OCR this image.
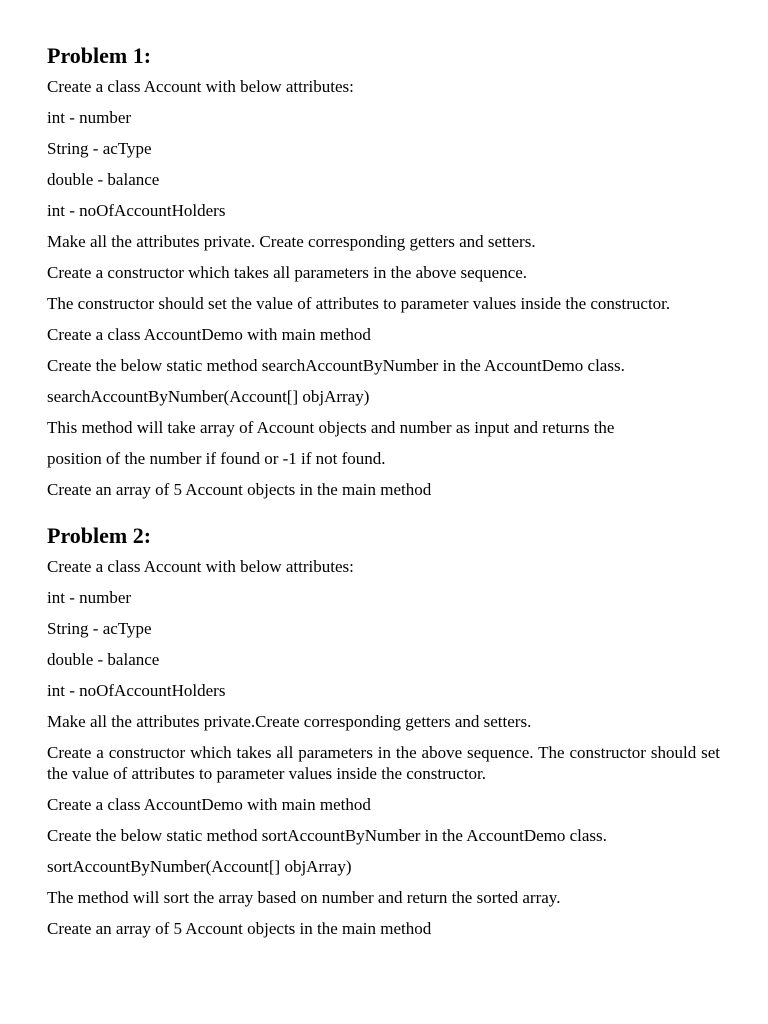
Problem 1:

Create a class Account with below attributes:

int - number

String - acType

double - balance

int - noOfAccountHolders

Make all the attributes private. Create corresponding getters and setters.

Create a constructor which takes all parameters in the above sequence.

The constructor should set the value of attributes to parameter values inside the constructor.

Create a class AccountDemo with main method

Create the below static method searchAccountByNumber in the AccountDemo class.

searchAccountByNumber(Account[] objArray)

This method will take array of Account objects and number as input and returns the

position of the number if found or -1 if not found.

Create an array of 5 Account objects in the main method

Problem 2:

Create a class Account with below attributes:

int - number

String - acType

double - balance

int - noOfAccountHolders

Make all the attributes private.Create corresponding getters and setters.

Create a constructor which takes all parameters in the above sequence. The constructor should set the value of attributes to parameter values inside the constructor.

Create a class AccountDemo with main method

Create the below static method sortAccountByNumber in the AccountDemo class.

sortAccountByNumber(Account[] objArray)

The method will sort the array based on number and return the sorted array.

Create an array of 5 Account objects in the main method
